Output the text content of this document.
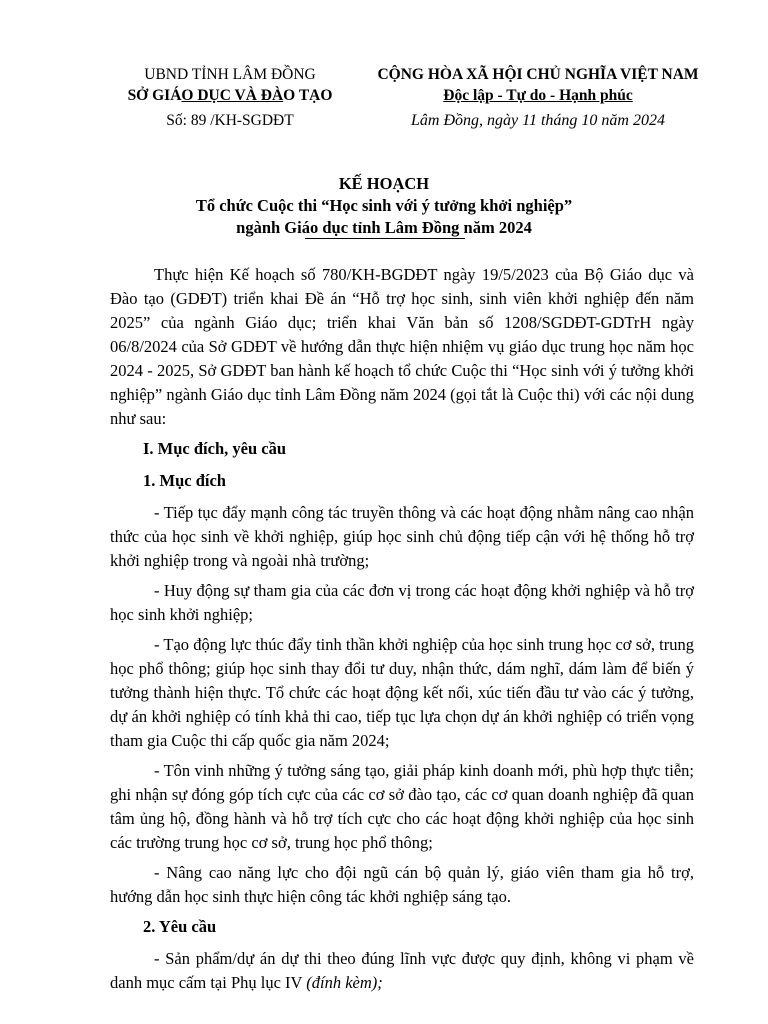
UBND TỈNH LÂM ĐỒNG
SỞ GIÁO DỤC VÀ ĐÀO TẠO
Số: 89 /KH-SGDĐT
CỘNG HÒA XÃ HỘI CHỦ NGHĨA VIỆT NAM
Độc lập - Tự do - Hạnh phúc
Lâm Đồng, ngày 11 tháng 10 năm 2024
KẾ HOẠCH
Tổ chức Cuộc thi “Học sinh với ý tưởng khởi nghiệp”
ngành Giáo dục tỉnh Lâm Đồng năm 2024

Thực hiện Kế hoạch số 780/KH-BGDĐT ngày 19/5/2023 của Bộ Giáo dục và Đào tạo (GDĐT) triển khai Đề án “Hỗ trợ học sinh, sinh viên khởi nghiệp đến năm 2025” của ngành Giáo dục; triển khai Văn bản số 1208/SGDĐT-GDTrH ngày 06/8/2024 của Sở GDĐT về hướng dẫn thực hiện nhiệm vụ giáo dục trung học năm học 2024 - 2025, Sở GDĐT ban hành kế hoạch tổ chức Cuộc thi “Học sinh với ý tưởng khởi nghiệp” ngành Giáo dục tỉnh Lâm Đồng năm 2024 (gọi tắt là Cuộc thi) với các nội dung như sau:

I. Mục đích, yêu cầu

1. Mục đích

- Tiếp tục đẩy mạnh công tác truyền thông và các hoạt động nhằm nâng cao nhận thức của học sinh về khởi nghiệp, giúp học sinh chủ động tiếp cận với hệ thống hỗ trợ khởi nghiệp trong và ngoài nhà trường;

- Huy động sự tham gia của các đơn vị trong các hoạt động khởi nghiệp và hỗ trợ học sinh khởi nghiệp;

- Tạo động lực thúc đẩy tinh thần khởi nghiệp của học sinh trung học cơ sở, trung học phổ thông; giúp học sinh thay đổi tư duy, nhận thức, dám nghĩ, dám làm để biến ý tưởng thành hiện thực. Tổ chức các hoạt động kết nối, xúc tiến đầu tư vào các ý tưởng, dự án khởi nghiệp có tính khả thi cao, tiếp tục lựa chọn dự án khởi nghiệp có triển vọng tham gia Cuộc thi cấp quốc gia năm 2024;

- Tôn vinh những ý tưởng sáng tạo, giải pháp kinh doanh mới, phù hợp thực tiễn; ghi nhận sự đóng góp tích cực của các cơ sở đào tạo, các cơ quan doanh nghiệp đã quan tâm ủng hộ, đồng hành và hỗ trợ tích cực cho các hoạt động khởi nghiệp của học sinh các trường trung học cơ sở, trung học phổ thông;

- Nâng cao năng lực cho đội ngũ cán bộ quản lý, giáo viên tham gia hỗ trợ, hướng dẫn học sinh thực hiện công tác khởi nghiệp sáng tạo.

2. Yêu cầu

- Sản phẩm/dự án dự thi theo đúng lĩnh vực được quy định, không vi phạm về danh mục cấm tại Phụ lục IV (đính kèm);
